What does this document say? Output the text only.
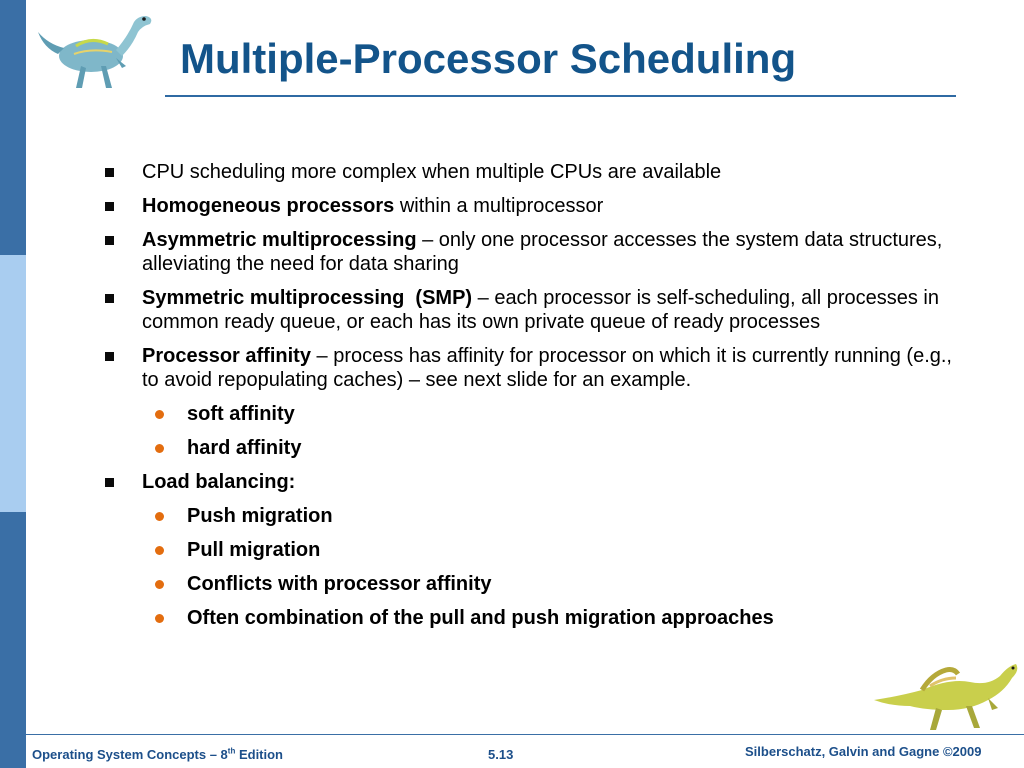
Multiple-Processor Scheduling
CPU scheduling more complex when multiple CPUs are available
Homogeneous processors within a multiprocessor
Asymmetric multiprocessing – only one processor accesses the system data structures, alleviating the need for data sharing
Symmetric multiprocessing  (SMP) – each processor is self-scheduling, all processes in common ready queue, or each has its own private queue of ready processes
Processor affinity – process has affinity for processor on which it is currently running (e.g., to avoid repopulating caches) – see next slide for an example.
soft affinity
hard affinity
Load balancing:
Push migration
Pull migration
Conflicts with processor affinity
Often combination of the pull and push migration approaches
Operating System Concepts – 8th Edition	5.13	Silberschatz, Galvin and Gagne ©2009
